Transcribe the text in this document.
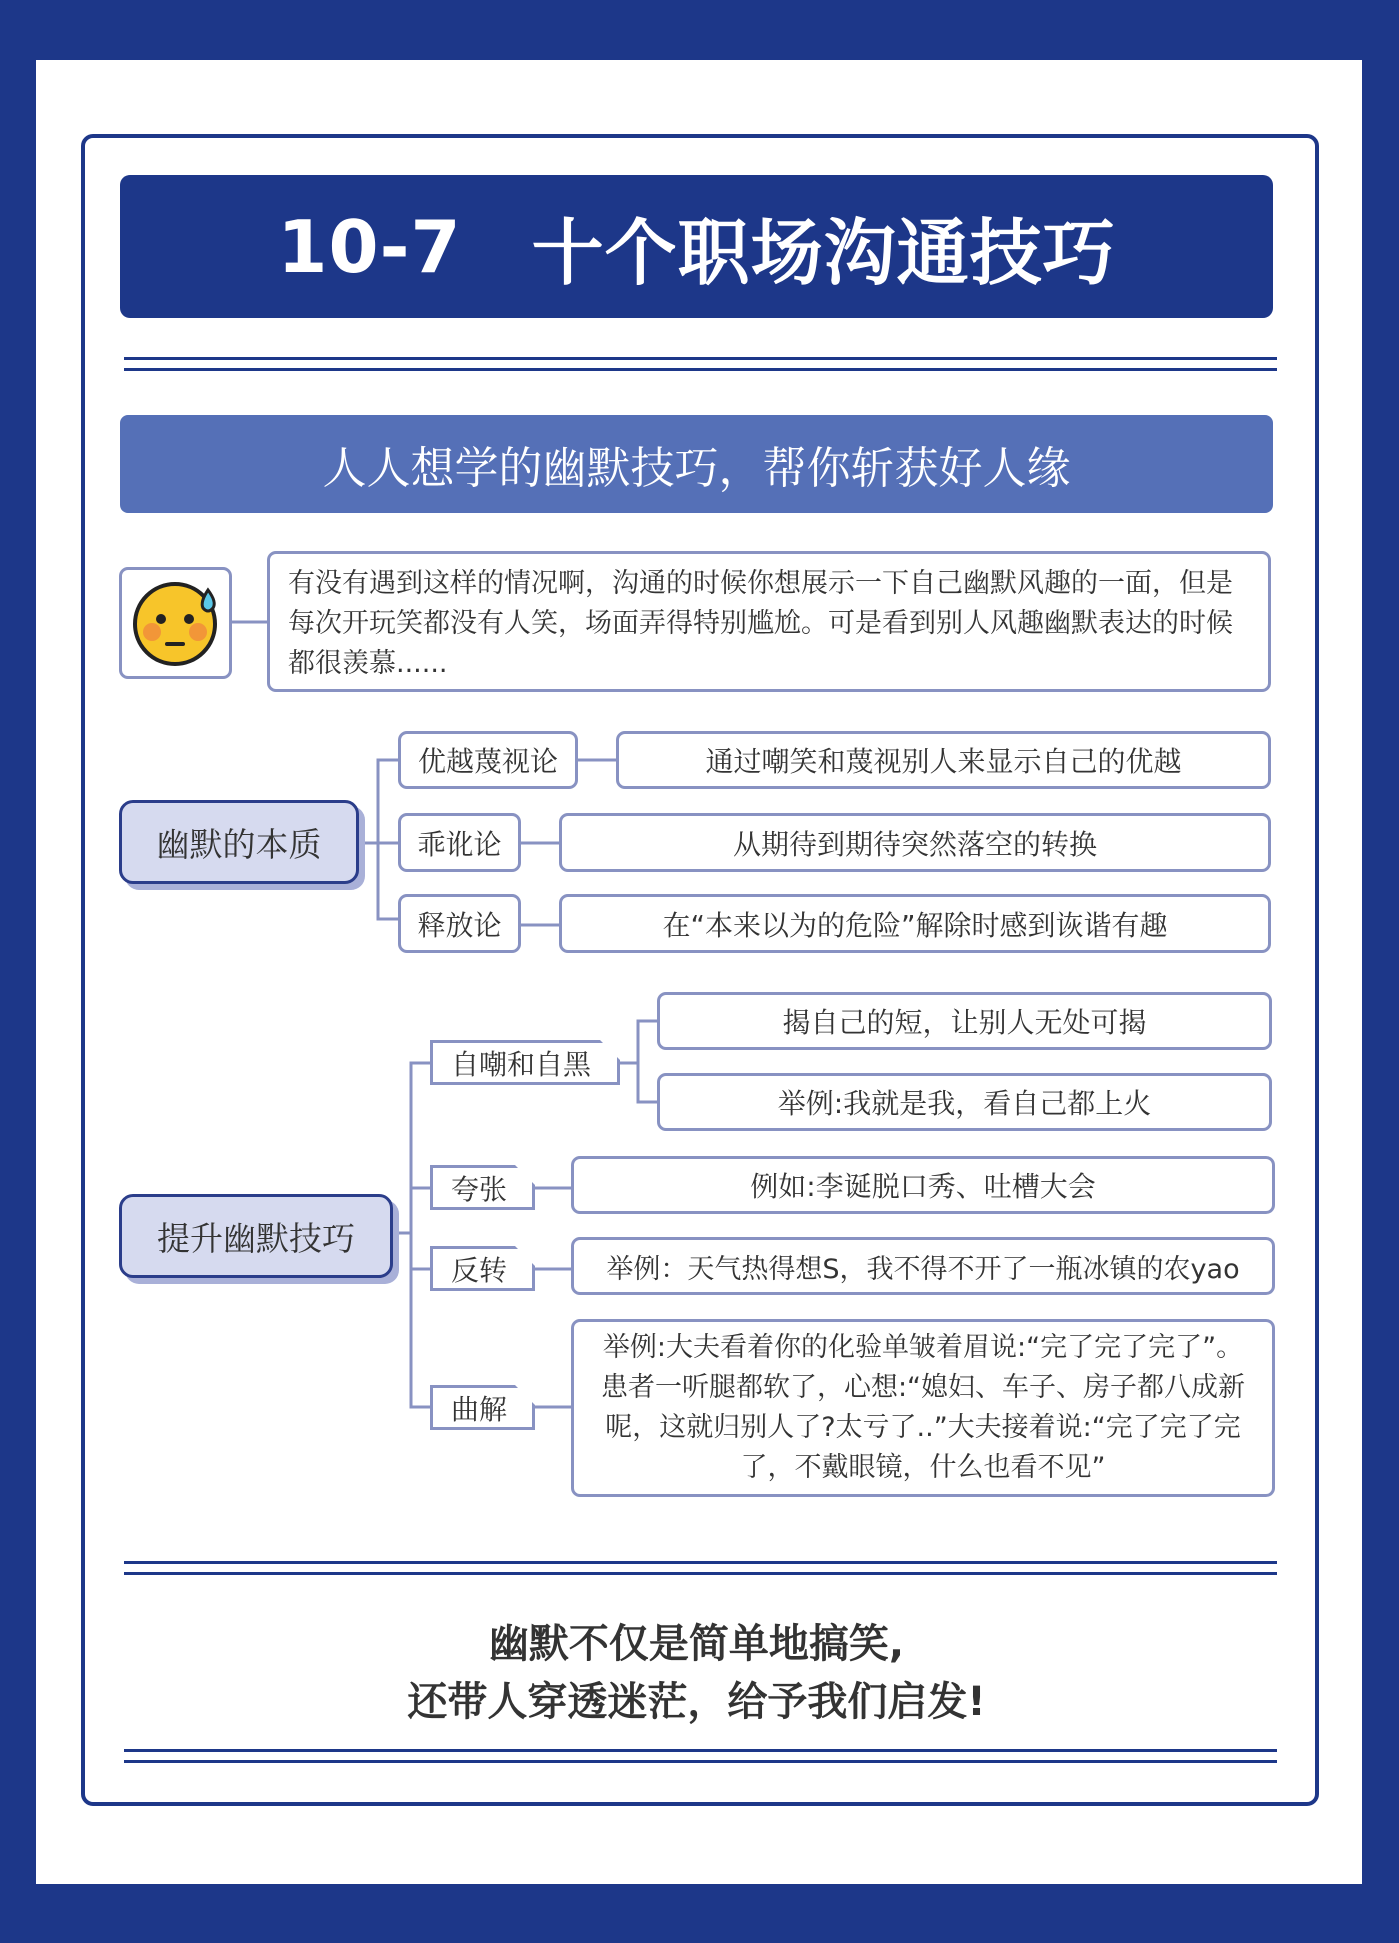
10-7 十个职场沟通技巧
人人想学的幽默技巧，帮你斩获好人缘
有没有遇到这样的情况啊，沟通的时候你想展示一下自己幽默风趣的一面，但是每次开玩笑都没有人笑，场面弄得特别尴尬。可是看到别人风趣幽默表达的时候都很羡慕......
幽默的本质
优越蔑视论
乖讹论
释放论
通过嘲笑和蔑视别人来显示自己的优越
从期待到期待突然落空的转换
在“本来以为的危险”解除时感到诙谐有趣
提升幽默技巧
自嘲和自黑
夸张
反转
曲解
揭自己的短，让别人无处可揭
举例:我就是我，看自己都上火
例如:李诞脱口秀、吐槽大会
举例：天气热得想S，我不得不开了一瓶冰镇的农yao
举例:大夫看着你的化验单皱着眉说:“完了完了完了”。患者一听腿都软了，心想:“媳妇、车子、房子都八成新呢，这就归别人了?太亏了..”大夫接着说:“完了完了完了，不戴眼镜，什么也看不见”
幽默不仅是简单地搞笑,
还带人穿透迷茫，给予我们启发!
